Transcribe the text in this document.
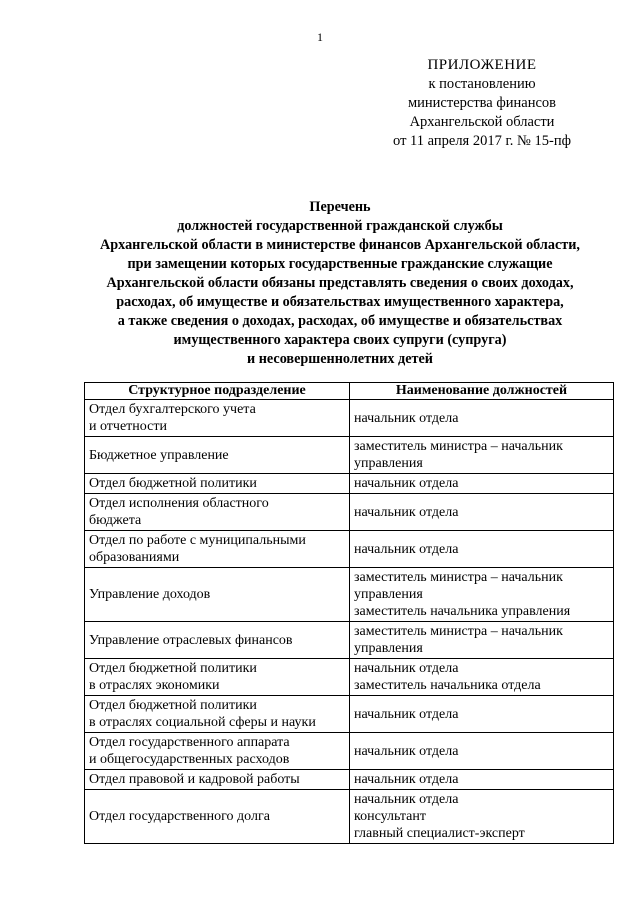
1
ПРИЛОЖЕНИЕ
к постановлению
министерства финансов
Архангельской области
от 11 апреля 2017 г. № 15-пф
Перечень
должностей государственной гражданской службы
Архангельской области в министерстве финансов Архангельской области,
при замещении которых государственные гражданские служащие
Архангельской области обязаны представлять сведения о своих доходах,
расходах, об имуществе и обязательствах имущественного характера,
а также сведения о доходах, расходах, об имуществе и обязательствах
имущественного характера своих супруги (супруга)
и несовершеннолетних детей
Структурное подразделение	Наименование должностей

Отдел бухгалтерского учета
и отчетности	начальник отдела

Бюджетное управление	заместитель министра – начальник
управления

Отдел бюджетной политики	начальник отдела

Отдел исполнения областного
бюджета	начальник отдела

Отдел по работе с муниципальными
образованиями	начальник отдела

Управление доходов	заместитель министра – начальник
управления
заместитель начальника управления

Управление отраслевых финансов	заместитель министра – начальник
управления

Отдел бюджетной политики
в отраслях экономики	начальник отдела
заместитель начальника отдела

Отдел бюджетной политики
в отраслях социальной сферы и науки	начальник отдела

Отдел государственного аппарата
и общегосударственных расходов	начальник отдела

Отдел правовой и кадровой работы	начальник отдела

Отдел государственного долга	начальник отдела
консультант
главный специалист-эксперт
